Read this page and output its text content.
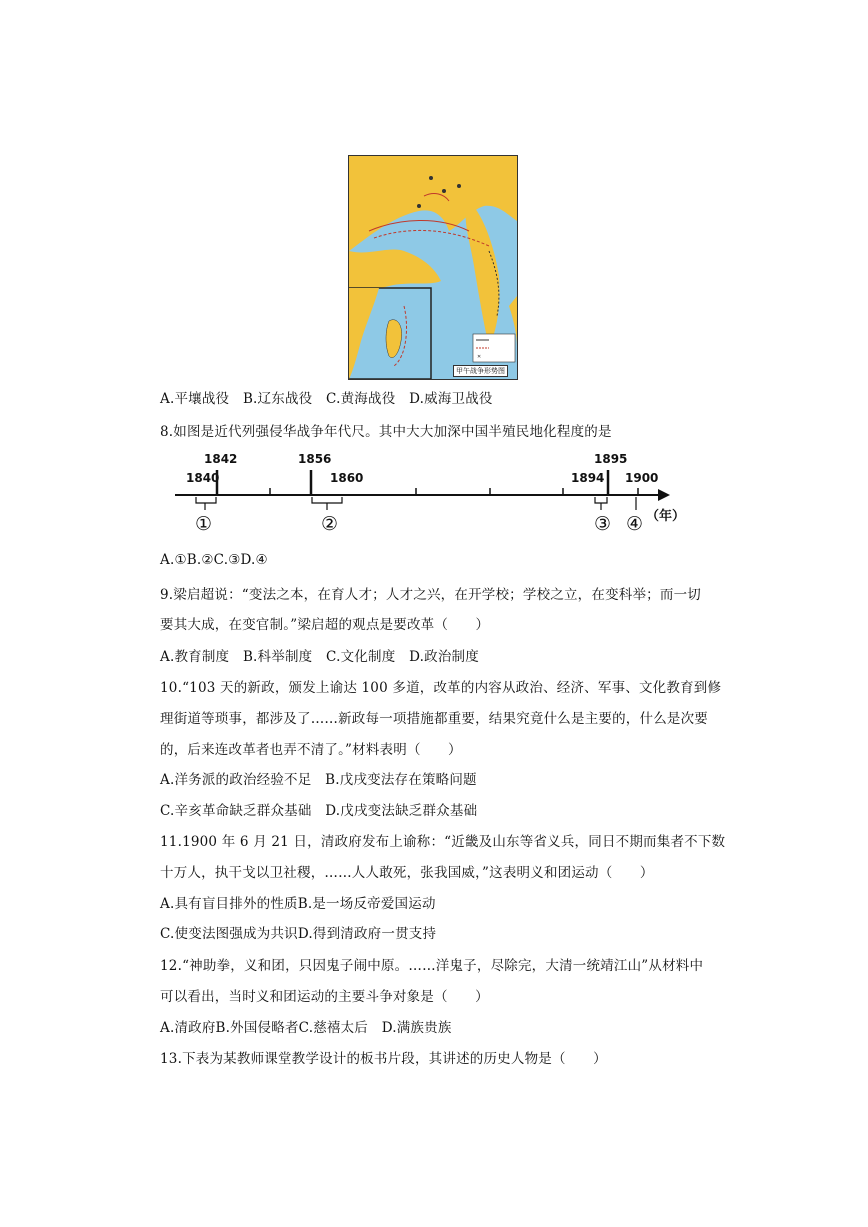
✕
甲午战争形势图
A.平壤战役　B.辽东战役　C.黄海战役　D.威海卫战役
8.如图是近代列强侵华战争年代尺。其中大大加深中国半殖民地化程度的是
1840
1842	1856
1860	1894
1895
1900
①	②	③ ④ （年）
A.①B.②C.③D.④
9.梁启超说：“变法之本，在育人才；人才之兴，在开学校；学校之立，在变科举；而一切
要其大成，在变官制。”梁启超的观点是要改革（　　）
A.教育制度　B.科举制度　C.文化制度　D.政治制度
10.“103 天的新政，颁发上谕达 100 多道，改革的内容从政治、经济、军事、文化教育到修
理街道等琐事，都涉及了……新政每一项措施都重要，结果究竟什么是主要的，什么是次要
的，后来连改革者也弄不清了。”材料表明（　　）
A.洋务派的政治经验不足　B.戊戌变法存在策略问题
C.辛亥革命缺乏群众基础　D.戊戌变法缺乏群众基础
11.1900 年 6 月 21 日，清政府发布上谕称：“近畿及山东等省义兵，同日不期而集者不下数
十万人，执干戈以卫社稷，……人人敢死，张我国威，”这表明义和团运动（　　）
A.具有盲目排外的性质B.是一场反帝爱国运动
C.使变法图强成为共识D.得到清政府一贯支持
12.“神助拳，义和团，只因鬼子闹中原。……洋鬼子，尽除完，大清一统靖江山”从材料中
可以看出，当时义和团运动的主要斗争对象是（　　）
A.清政府B.外国侵略者C.慈禧太后　D.满族贵族
13.下表为某教师课堂教学设计的板书片段，其讲述的历史人物是（　　）
